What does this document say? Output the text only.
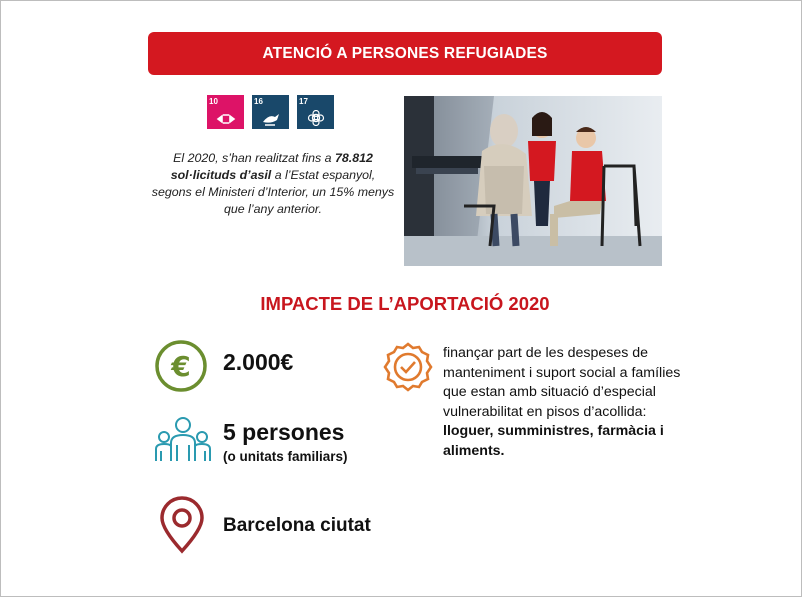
ATENCIÓ A PERSONES REFUGIADES
10	16	17
El 2020, s’han realitzat fins a 78.812 sol·licituds d’asil a l’Estat espanyol, segons el Ministeri d’Interior, un 15% menys que l’any anterior.
IMPACTE DE L’APORTACIÓ 2020
€ 2.000€
5 persones
(o unitats familiars)
Barcelona ciutat
finançar part de les despeses de manteniment i suport social a famílies que estan amb situació d’especial vulnerabilitat en pisos d’acollida: lloguer, sumministres, farmàcia i aliments.
